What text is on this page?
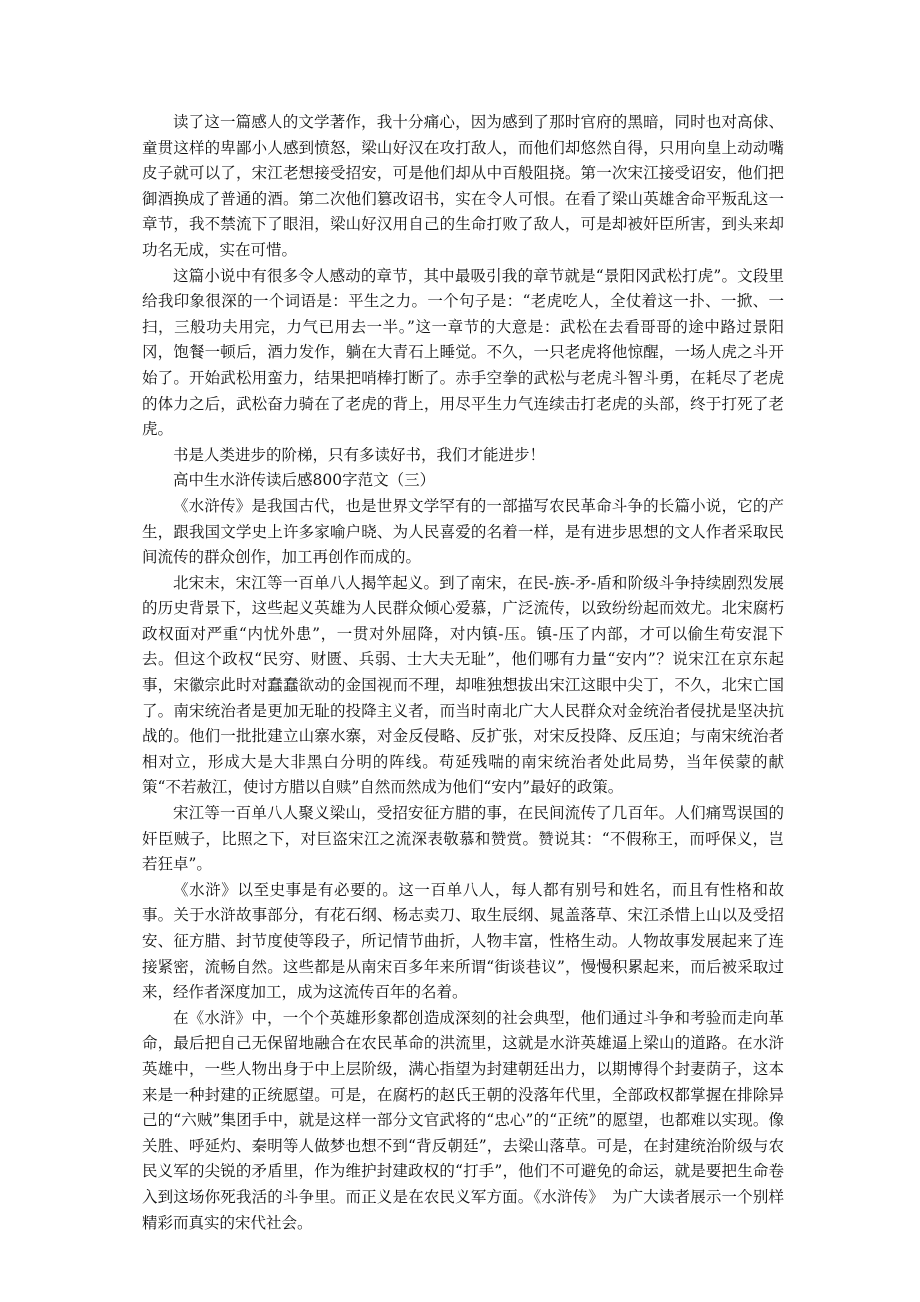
读了这一篇感人的文学著作，我十分痛心，因为感到了那时官府的黑暗，同时也对高俅、童贯这样的卑鄙小人感到愤怒，梁山好汉在攻打敌人，而他们却悠然自得，只用向皇上动动嘴皮子就可以了，宋江老想接受招安，可是他们却从中百般阻挠。第一次宋江接受诏安，他们把御酒换成了普通的酒。第二次他们篡改诏书，实在令人可恨。在看了梁山英雄舍命平叛乱这一章节，我不禁流下了眼泪，梁山好汉用自己的生命打败了敌人，可是却被奸臣所害，到头来却功名无成，实在可惜。

这篇小说中有很多令人感动的章节，其中最吸引我的章节就是“景阳冈武松打虎”。文段里给我印象很深的一个词语是：平生之力。一个句子是：“老虎吃人，全仗着这一扑、一掀、一扫，三般功夫用完，力气已用去一半。”这一章节的大意是：武松在去看哥哥的途中路过景阳冈，饱餐一顿后，酒力发作，躺在大青石上睡觉。不久，一只老虎将他惊醒，一场人虎之斗开始了。开始武松用蛮力，结果把哨棒打断了。赤手空拳的武松与老虎斗智斗勇，在耗尽了老虎的体力之后，武松奋力骑在了老虎的背上，用尽平生力气连续击打老虎的头部，终于打死了老虎。

书是人类进步的阶梯，只有多读好书，我们才能进步！

高中生水浒传读后感800字范文（三）

《水浒传》是我国古代，也是世界文学罕有的一部描写农民革命斗争的长篇小说，它的产生，跟我国文学史上许多家喻户晓、为人民喜爱的名着一样，是有进步思想的文人作者采取民间流传的群众创作，加工再创作而成的。

北宋末，宋江等一百单八人揭竿起义。到了南宋，在民-族-矛-盾和阶级斗争持续剧烈发展的历史背景下，这些起义英雄为人民群众倾心爱慕，广泛流传，以致纷纷起而效尤。北宋腐朽政权面对严重“内忧外患”，一贯对外屈降，对内镇-压。镇-压了内部，才可以偷生苟安混下去。但这个政权“民穷、财匮、兵弱、士大夫无耻”，他们哪有力量“安内”？说宋江在京东起事，宋徽宗此时对蠢蠢欲动的金国视而不理，却唯独想拔出宋江这眼中尖丁，不久，北宋亡国了。南宋统治者是更加无耻的投降主义者，而当时南北广大人民群众对金统治者侵扰是坚决抗战的。他们一批批建立山寨水寨，对金反侵略、反扩张，对宋反投降、反压迫；与南宋统治者相对立，形成大是大非黑白分明的阵线。苟延残喘的南宋统治者处此局势，当年侯蒙的献策“不若赦江，使讨方腊以自赎”自然而然成为他们“安内”最好的政策。

宋江等一百单八人聚义梁山，受招安征方腊的事，在民间流传了几百年。人们痛骂误国的奸臣贼子，比照之下，对巨盗宋江之流深表敬慕和赞赏。赞说其：“不假称王，而呼保义，岂若狂卓”。

《水浒》以至史事是有必要的。这一百单八人，每人都有别号和姓名，而且有性格和故事。关于水浒故事部分，有花石纲、杨志卖刀、取生辰纲、晁盖落草、宋江杀惜上山以及受招安、征方腊、封节度使等段子，所记情节曲折，人物丰富，性格生动。人物故事发展起来了连接紧密，流畅自然。这些都是从南宋百多年来所谓“街谈巷议”，慢慢积累起来，而后被采取过来，经作者深度加工，成为这流传百年的名着。

在《水浒》中，一个个英雄形象都创造成深刻的社会典型，他们通过斗争和考验而走向革命，最后把自己无保留地融合在农民革命的洪流里，这就是水浒英雄逼上梁山的道路。在水浒英雄中，一些人物出身于中上层阶级，满心指望为封建朝廷出力，以期博得个封妻荫子，这本来是一种封建的正统愿望。可是，在腐朽的赵氏王朝的没落年代里，全部政权都掌握在排除异己的“六贼”集团手中，就是这样一部分文官武将的“忠心”的“正统”的愿望，也都难以实现。像关胜、呼延灼、秦明等人做梦也想不到“背反朝廷”，去梁山落草。可是，在封建统治阶级与农民义军的尖锐的矛盾里，作为维护封建政权的“打手”，他们不可避免的命运，就是要把生命卷入到这场你死我活的斗争里。而正义是在农民义军方面。《水浒传》　为广大读者展示一个别样精彩而真实的宋代社会。
